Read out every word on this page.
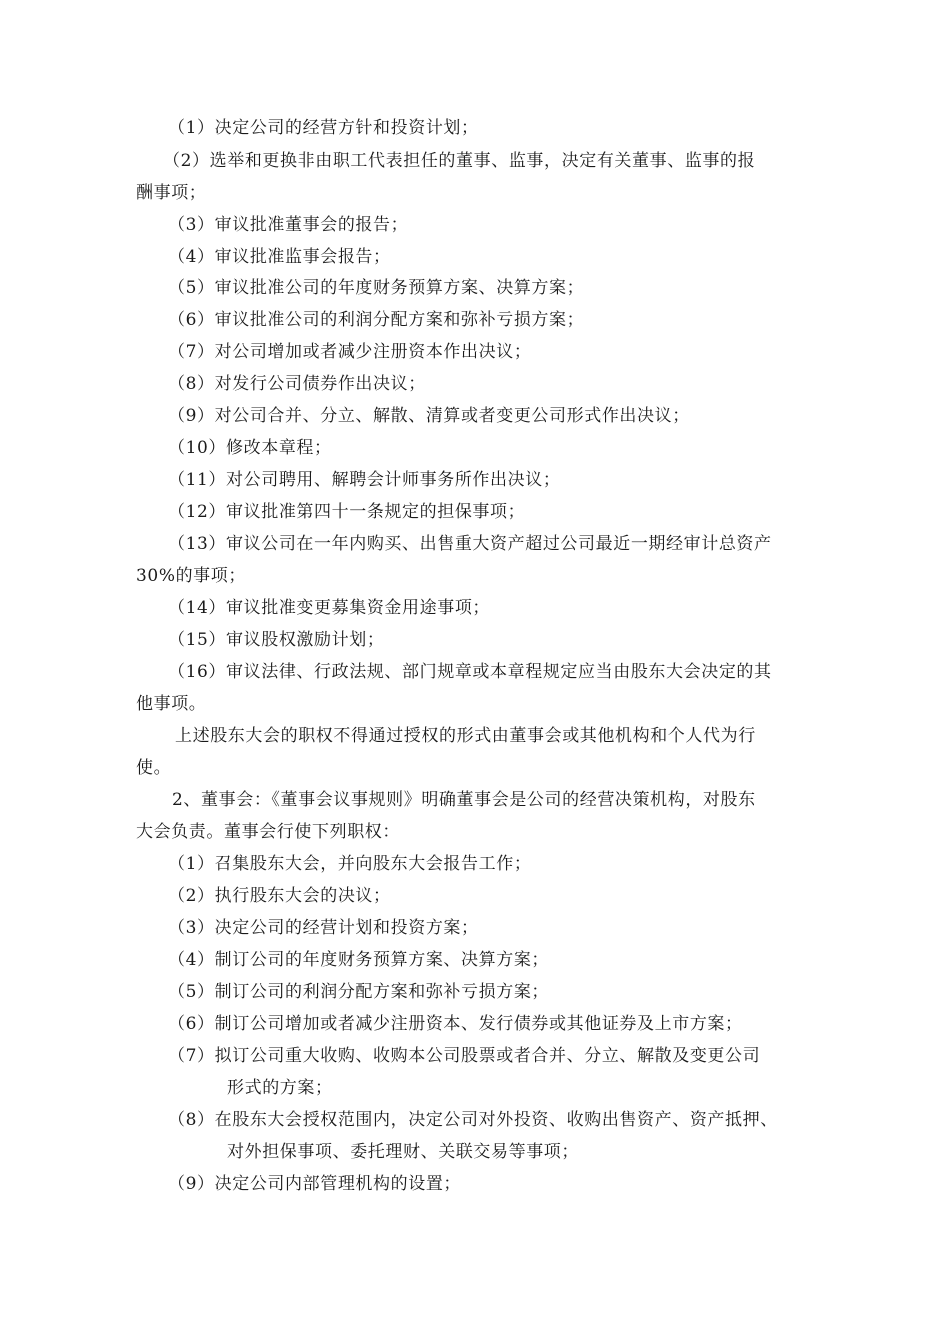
（1）决定公司的经营方针和投资计划；
（2）选举和更换非由职工代表担任的董事、监事，决定有关董事、监事的报
酬事项；
（3）审议批准董事会的报告；
（4）审议批准监事会报告；
（5）审议批准公司的年度财务预算方案、决算方案；
（6）审议批准公司的利润分配方案和弥补亏损方案；
（7）对公司增加或者减少注册资本作出决议；
（8）对发行公司债券作出决议；
（9）对公司合并、分立、解散、清算或者变更公司形式作出决议；
（10）修改本章程；
（11）对公司聘用、解聘会计师事务所作出决议；
（12）审议批准第四十一条规定的担保事项；
（13）审议公司在一年内购买、出售重大资产超过公司最近一期经审计总资产
30%的事项；
（14）审议批准变更募集资金用途事项；
（15）审议股权激励计划；
（16）审议法律、行政法规、部门规章或本章程规定应当由股东大会决定的其
他事项。
上述股东大会的职权不得通过授权的形式由董事会或其他机构和个人代为行
使。
2、董事会：《董事会议事规则》明确董事会是公司的经营决策机构，对股东
大会负责。董事会行使下列职权：
（1）召集股东大会，并向股东大会报告工作；
（2）执行股东大会的决议；
（3）决定公司的经营计划和投资方案；
（4）制订公司的年度财务预算方案、决算方案；
（5）制订公司的利润分配方案和弥补亏损方案；
（6）制订公司增加或者减少注册资本、发行债券或其他证券及上市方案；
（7）拟订公司重大收购、收购本公司股票或者合并、分立、解散及变更公司
形式的方案；
（8）在股东大会授权范围内，决定公司对外投资、收购出售资产、资产抵押、
对外担保事项、委托理财、关联交易等事项；
（9）决定公司内部管理机构的设置；
